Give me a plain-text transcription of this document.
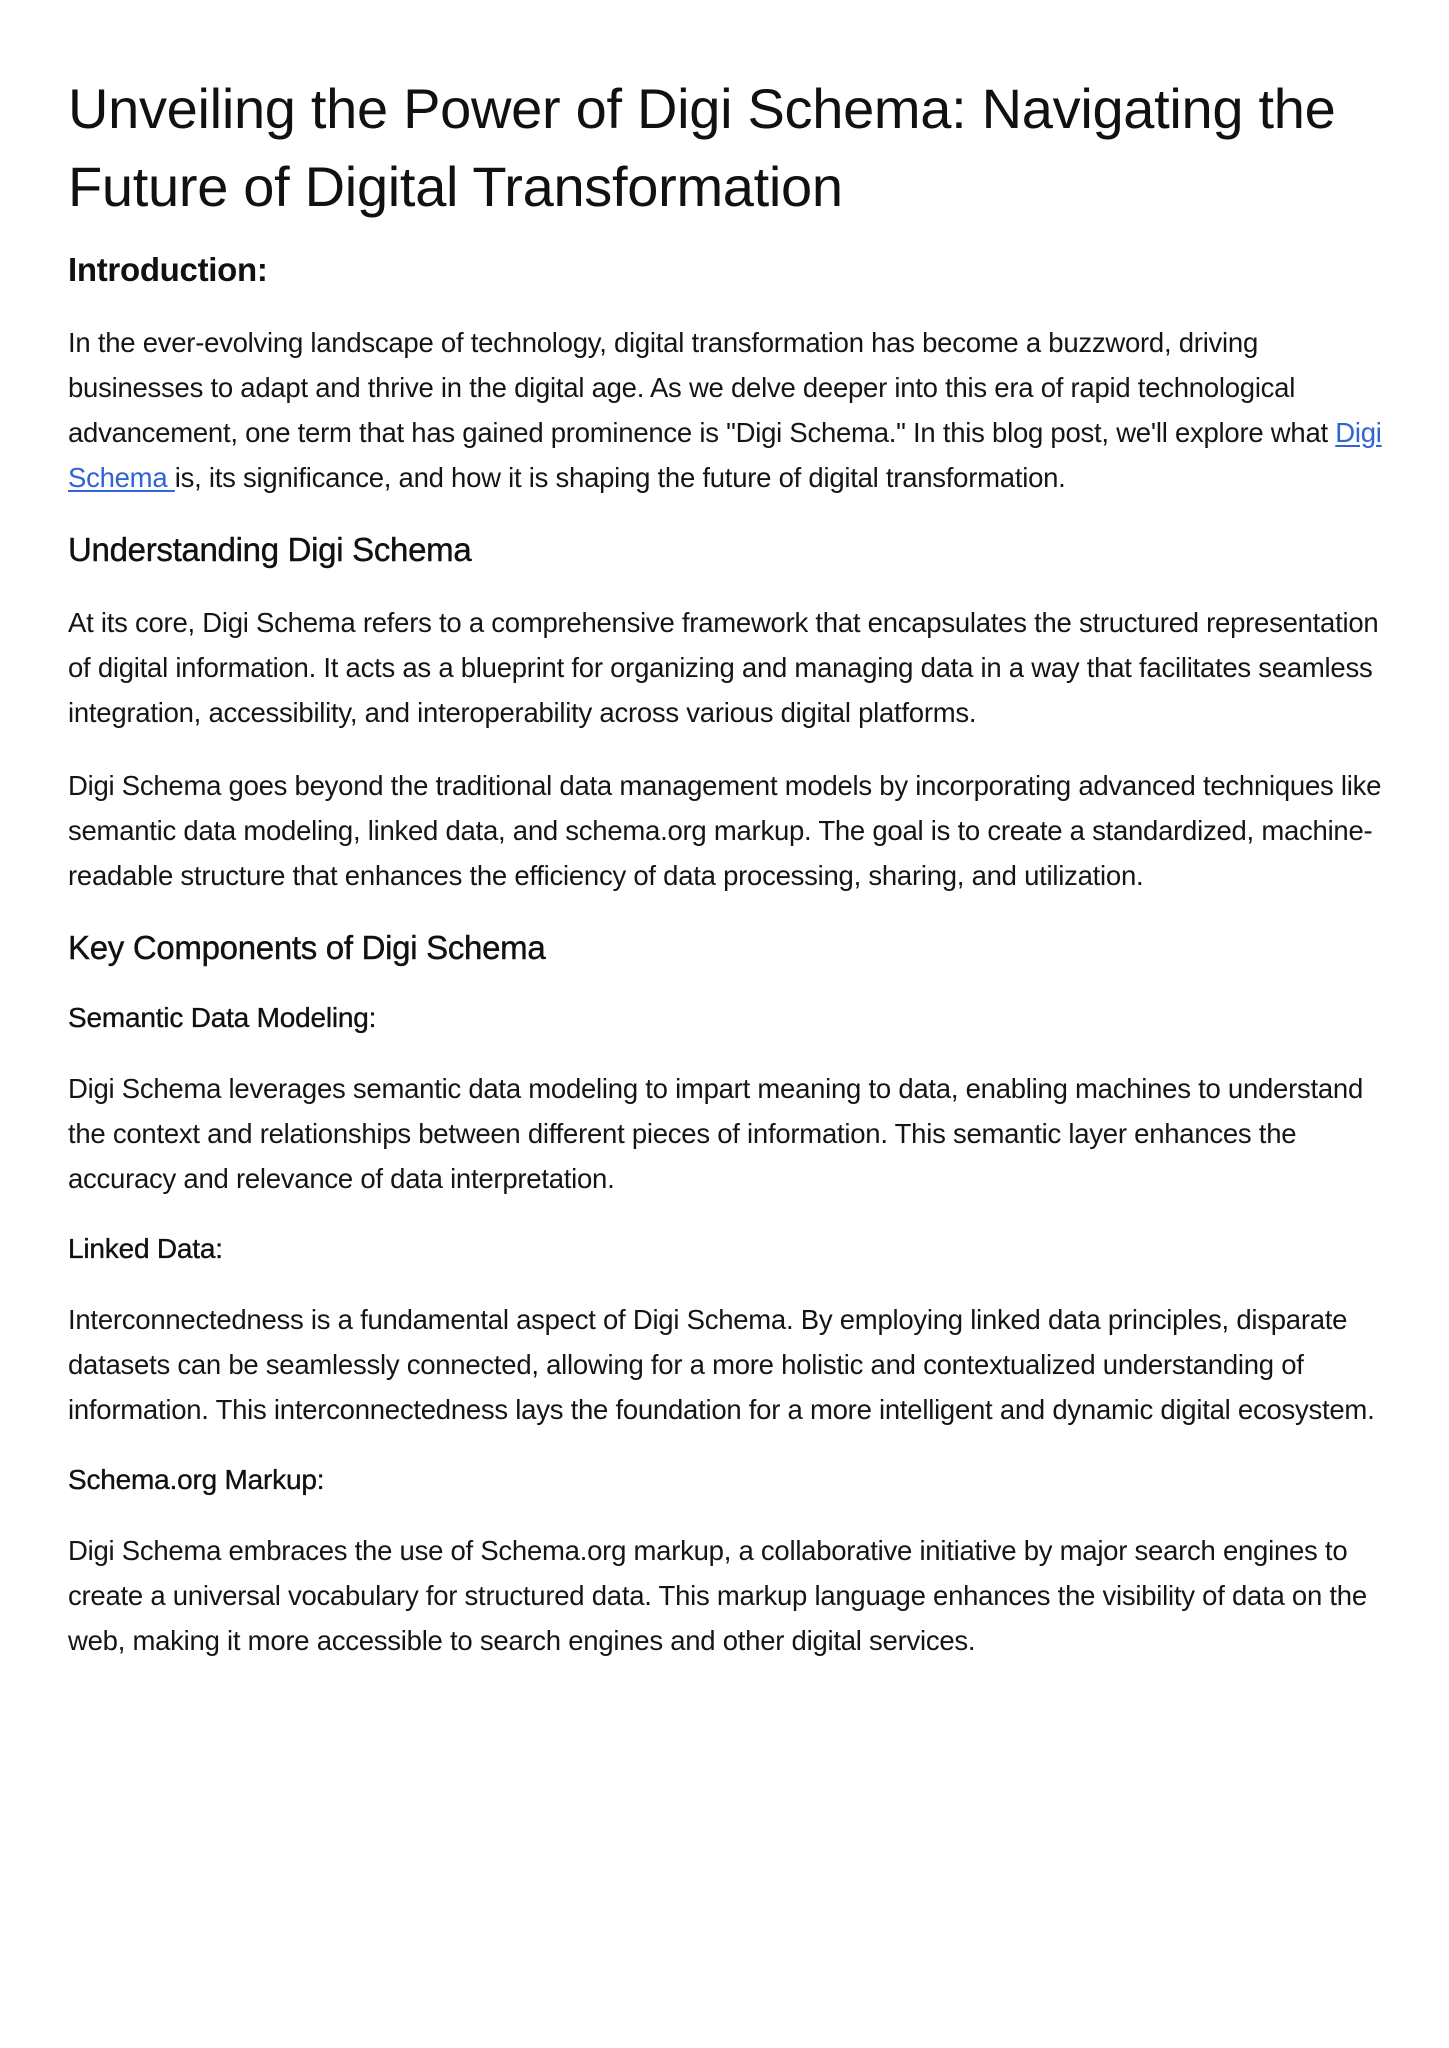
Unveiling the Power of Digi Schema: Navigating the Future of Digital Transformation
Introduction:

In the ever-evolving landscape of technology, digital transformation has become a buzzword, driving businesses to adapt and thrive in the digital age. As we delve deeper into this era of rapid technological advancement, one term that has gained prominence is "Digi Schema." In this blog post, we'll explore what Digi Schema is, its significance, and how it is shaping the future of digital transformation.

Understanding Digi Schema

At its core, Digi Schema refers to a comprehensive framework that encapsulates the structured representation of digital information. It acts as a blueprint for organizing and managing data in a way that facilitates seamless integration, accessibility, and interoperability across various digital platforms.

Digi Schema goes beyond the traditional data management models by incorporating advanced techniques like semantic data modeling, linked data, and schema.org markup. The goal is to create a standardized, machine-readable structure that enhances the efficiency of data processing, sharing, and utilization.

Key Components of Digi Schema
Semantic Data Modeling:

Digi Schema leverages semantic data modeling to impart meaning to data, enabling machines to understand the context and relationships between different pieces of information. This semantic layer enhances the accuracy and relevance of data interpretation.

Linked Data:

Interconnectedness is a fundamental aspect of Digi Schema. By employing linked data principles, disparate datasets can be seamlessly connected, allowing for a more holistic and contextualized understanding of information. This interconnectedness lays the foundation for a more intelligent and dynamic digital ecosystem.

Schema.org Markup:

Digi Schema embraces the use of Schema.org markup, a collaborative initiative by major search engines to create a universal vocabulary for structured data. This markup language enhances the visibility of data on the web, making it more accessible to search engines and other digital services.
